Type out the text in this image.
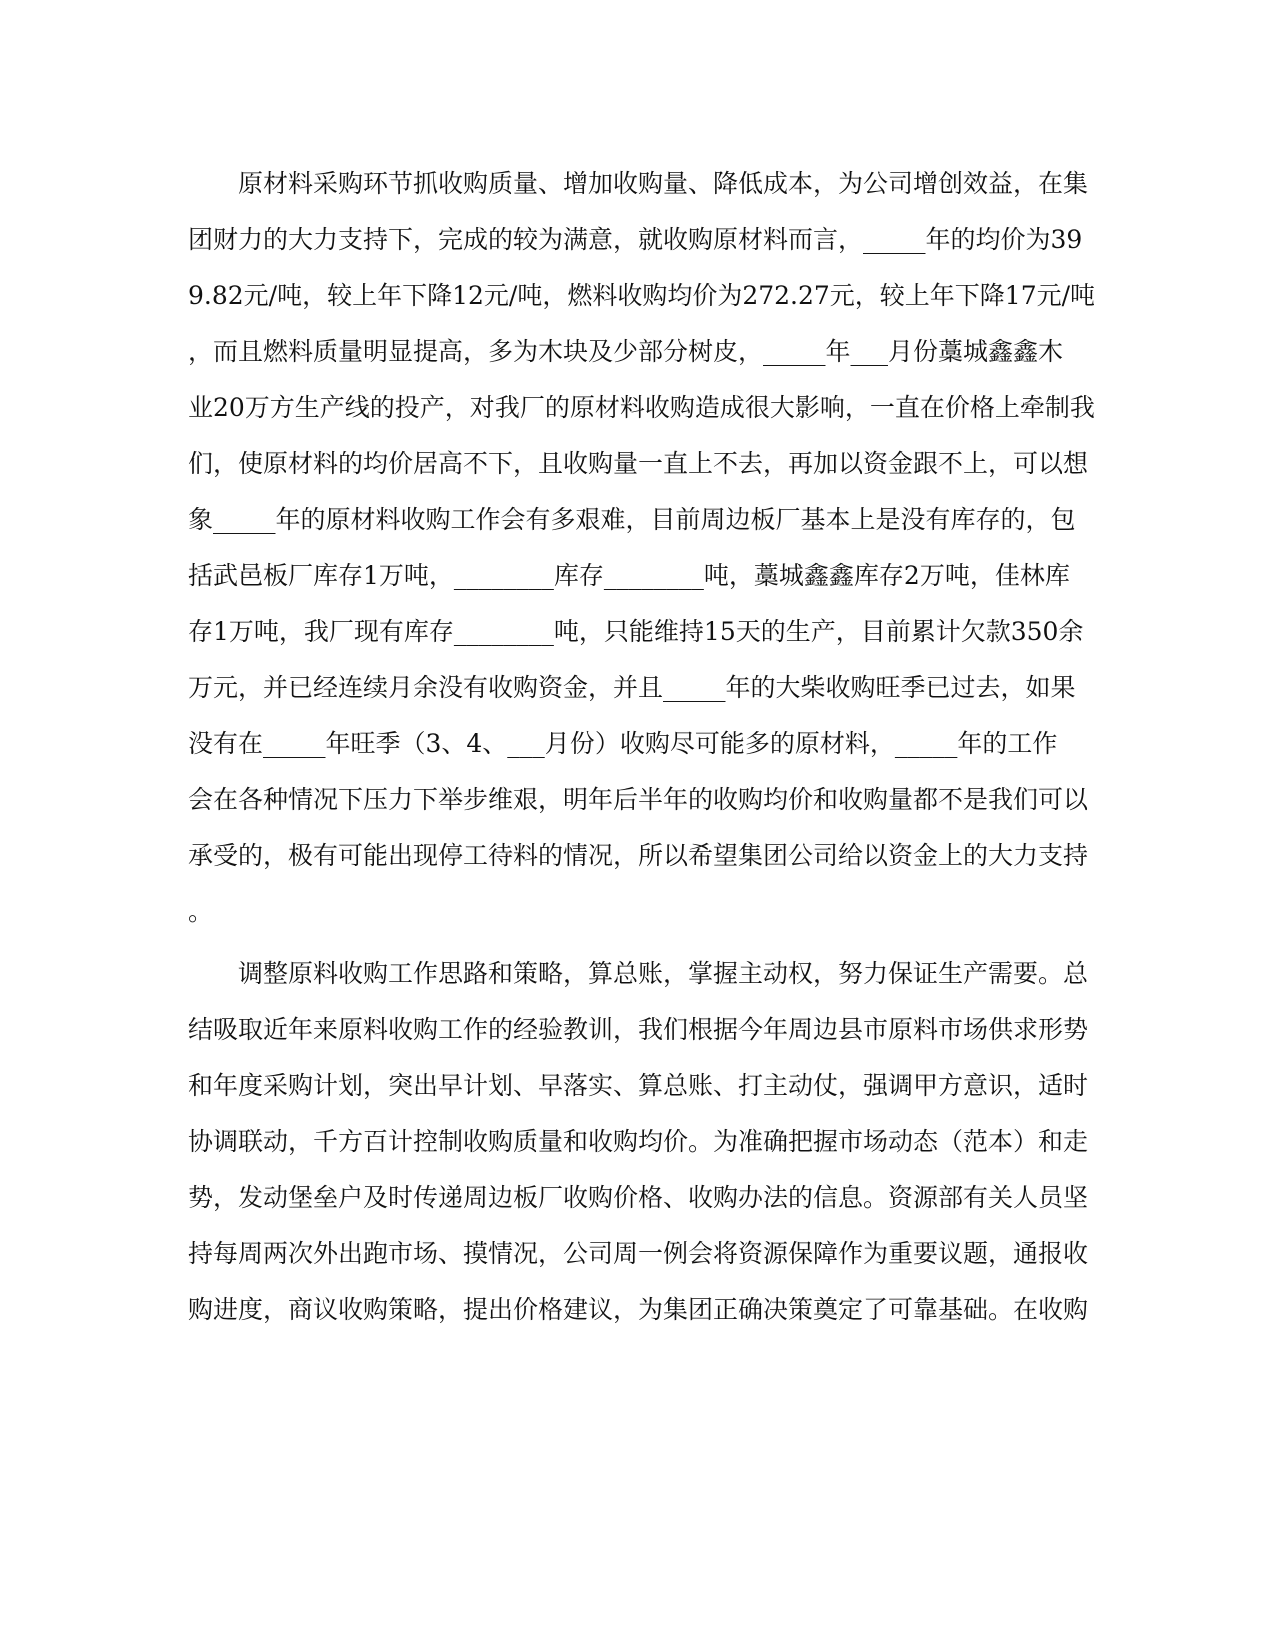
原材料采购环节抓收购质量、增加收购量、降低成本，为公司增创效益，在集
团财力的大力支持下，完成的较为满意，就收购原材料而言，_____年的均价为39
9.82元/吨，较上年下降12元/吨，燃料收购均价为272.27元，较上年下降17元/吨
，而且燃料质量明显提高，多为木块及少部分树皮，_____年___月份藁城鑫鑫木
业20万方生产线的投产，对我厂的原材料收购造成很大影响，一直在价格上牵制我
们，使原材料的均价居高不下，且收购量一直上不去，再加以资金跟不上，可以想
象_____年的原材料收购工作会有多艰难，目前周边板厂基本上是没有库存的，包
括武邑板厂库存1万吨，________库存________吨，藁城鑫鑫库存2万吨，佳林库
存1万吨，我厂现有库存________吨，只能维持15天的生产，目前累计欠款350余
万元，并已经连续月余没有收购资金，并且_____年的大柴收购旺季已过去，如果
没有在_____年旺季（3、4、___月份）收购尽可能多的原材料，_____年的工作
会在各种情况下压力下举步维艰，明年后半年的收购均价和收购量都不是我们可以
承受的，极有可能出现停工待料的情况，所以希望集团公司给以资金上的大力支持
。
调整原料收购工作思路和策略，算总账，掌握主动权，努力保证生产需要。总
结吸取近年来原料收购工作的经验教训，我们根据今年周边县市原料市场供求形势
和年度采购计划，突出早计划、早落实、算总账、打主动仗，强调甲方意识，适时
协调联动，千方百计控制收购质量和收购均价。为准确把握市场动态（范本）和走
势，发动堡垒户及时传递周边板厂收购价格、收购办法的信息。资源部有关人员坚
持每周两次外出跑市场、摸情况，公司周一例会将资源保障作为重要议题，通报收
购进度，商议收购策略，提出价格建议，为集团正确决策奠定了可靠基础。在收购
